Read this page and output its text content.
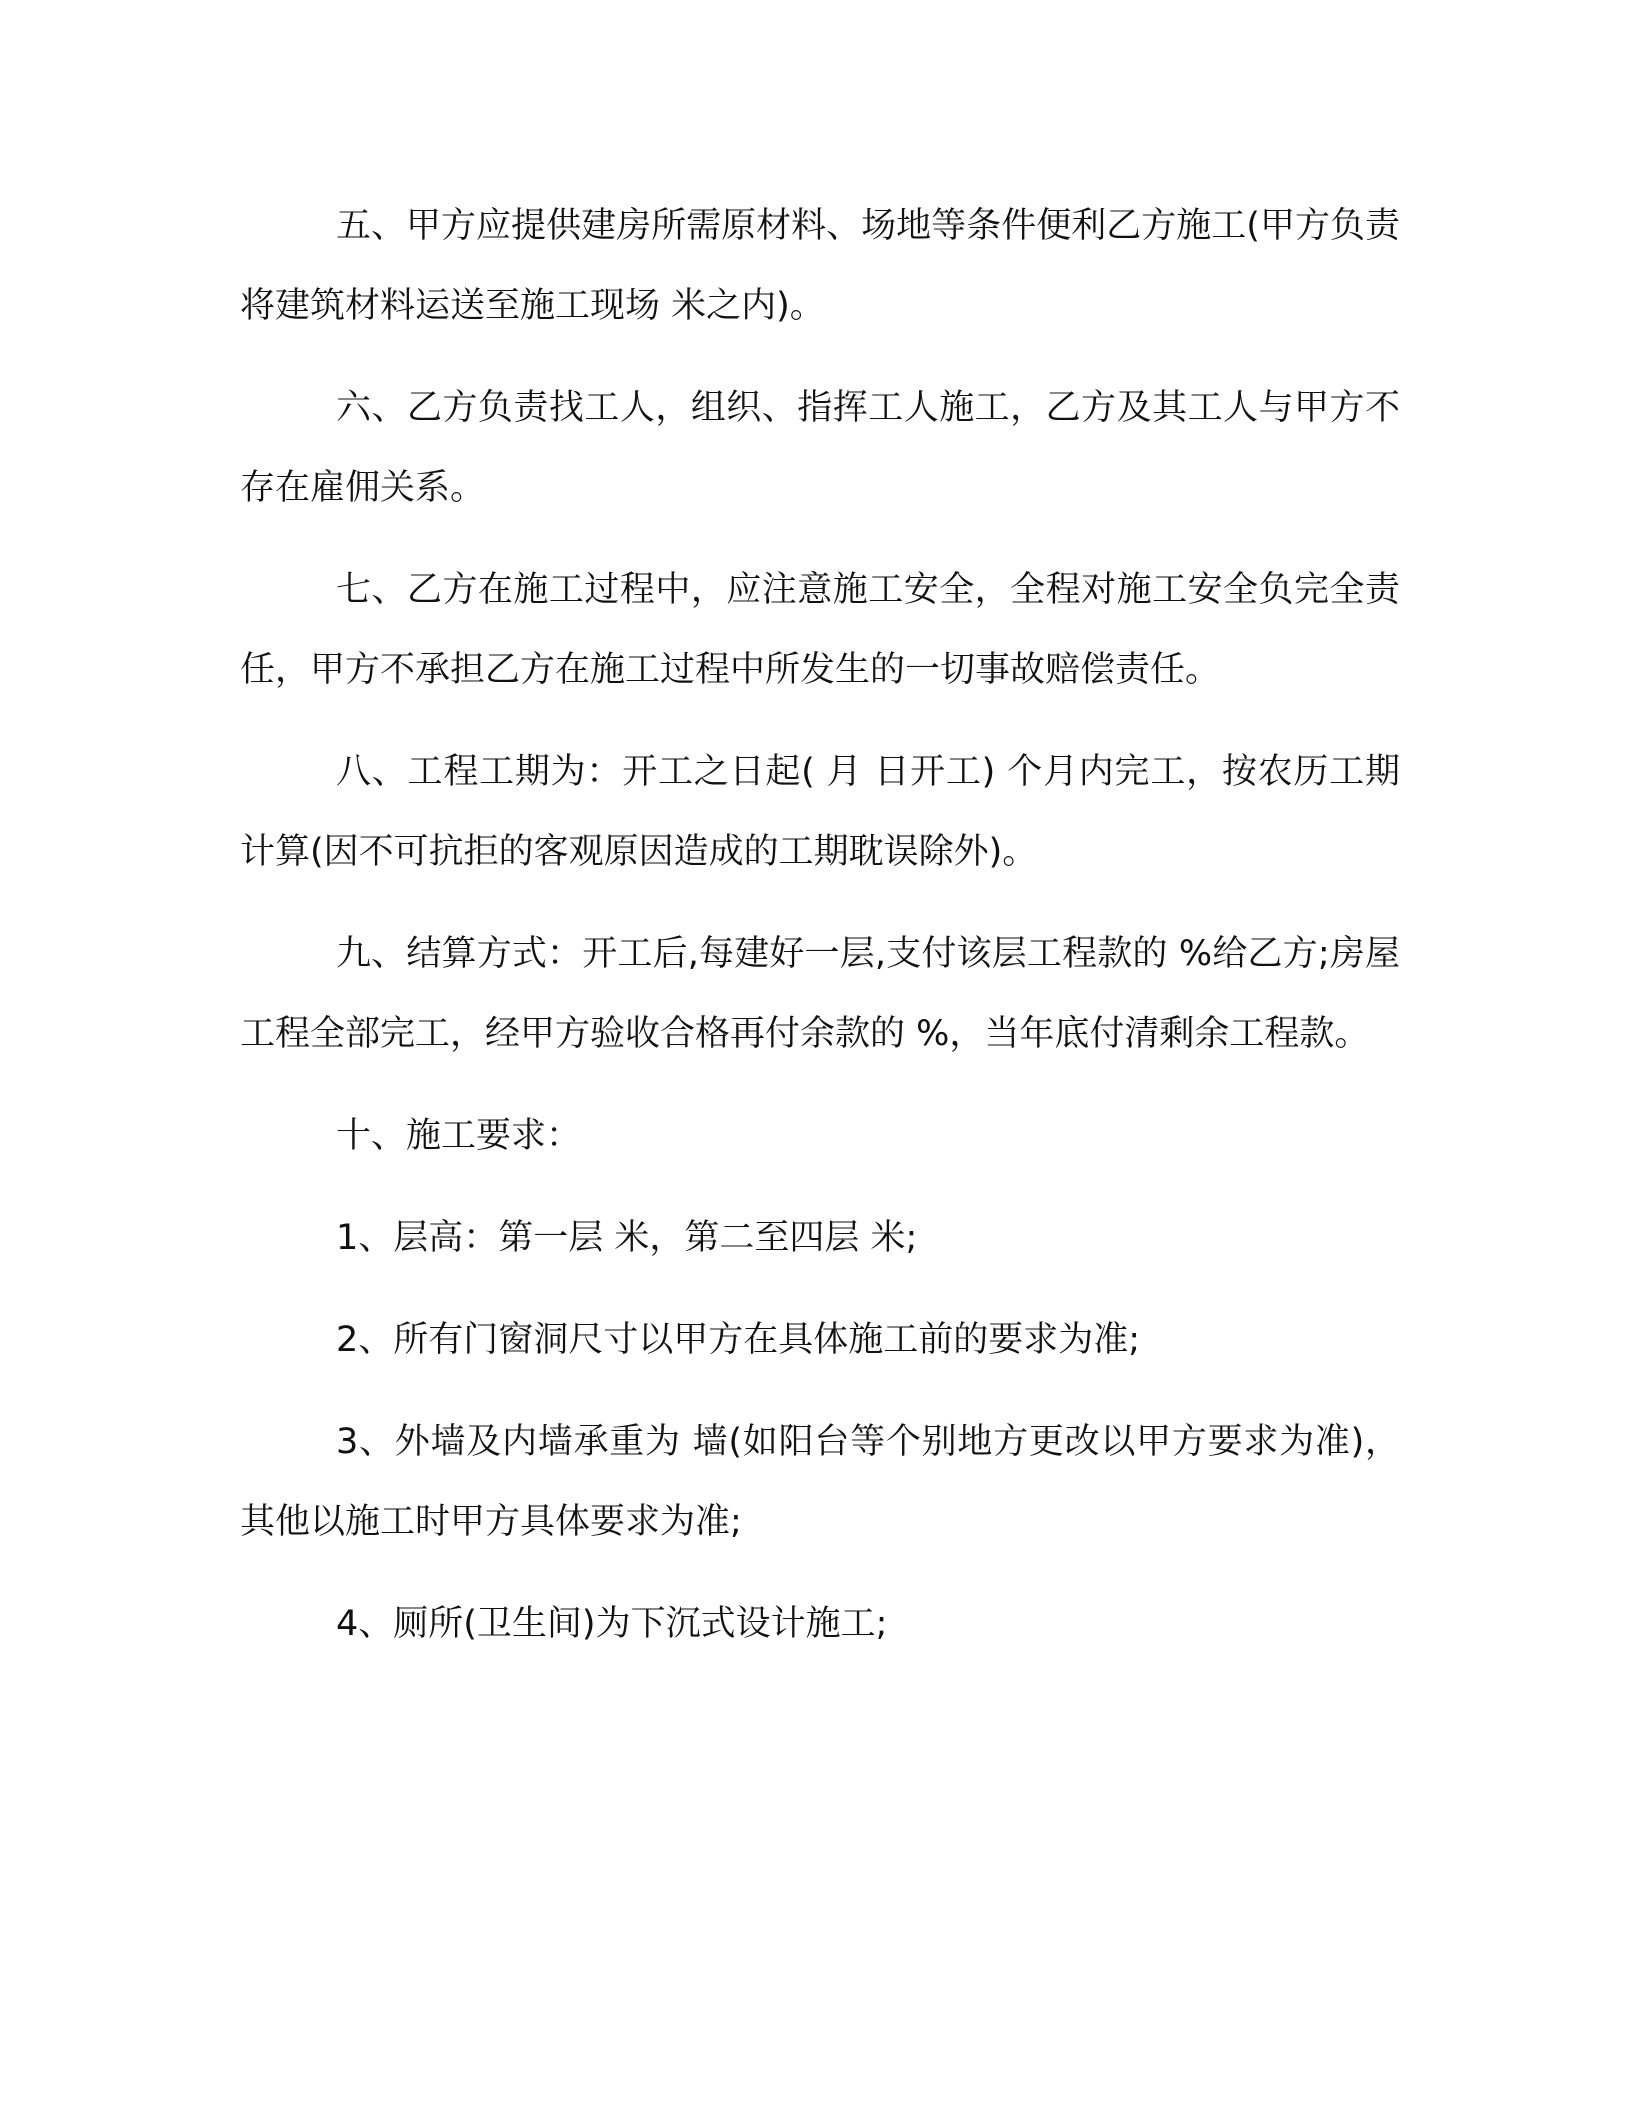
五、甲方应提供建房所需原材料、场地等条件便利乙方施工(甲方负责将建筑材料运送至施工现场 米之内)。

六、乙方负责找工人，组织、指挥工人施工，乙方及其工人与甲方不存在雇佣关系。

七、乙方在施工过程中，应注意施工安全，全程对施工安全负完全责任，甲方不承担乙方在施工过程中所发生的一切事故赔偿责任。

八、工程工期为：开工之日起( 月 日开工) 个月内完工，按农历工期计算(因不可抗拒的客观原因造成的工期耽误除外)。

九、结算方式：开工后,每建好一层,支付该层工程款的 %给乙方;房屋工程全部完工，经甲方验收合格再付余款的 %，当年底付清剩余工程款。

十、施工要求：

1、层高：第一层 米，第二至四层 米;

2、所有门窗洞尺寸以甲方在具体施工前的要求为准;

3、外墙及内墙承重为 墙(如阳台等个别地方更改以甲方要求为准)，其他以施工时甲方具体要求为准;

4、厕所(卫生间)为下沉式设计施工;
